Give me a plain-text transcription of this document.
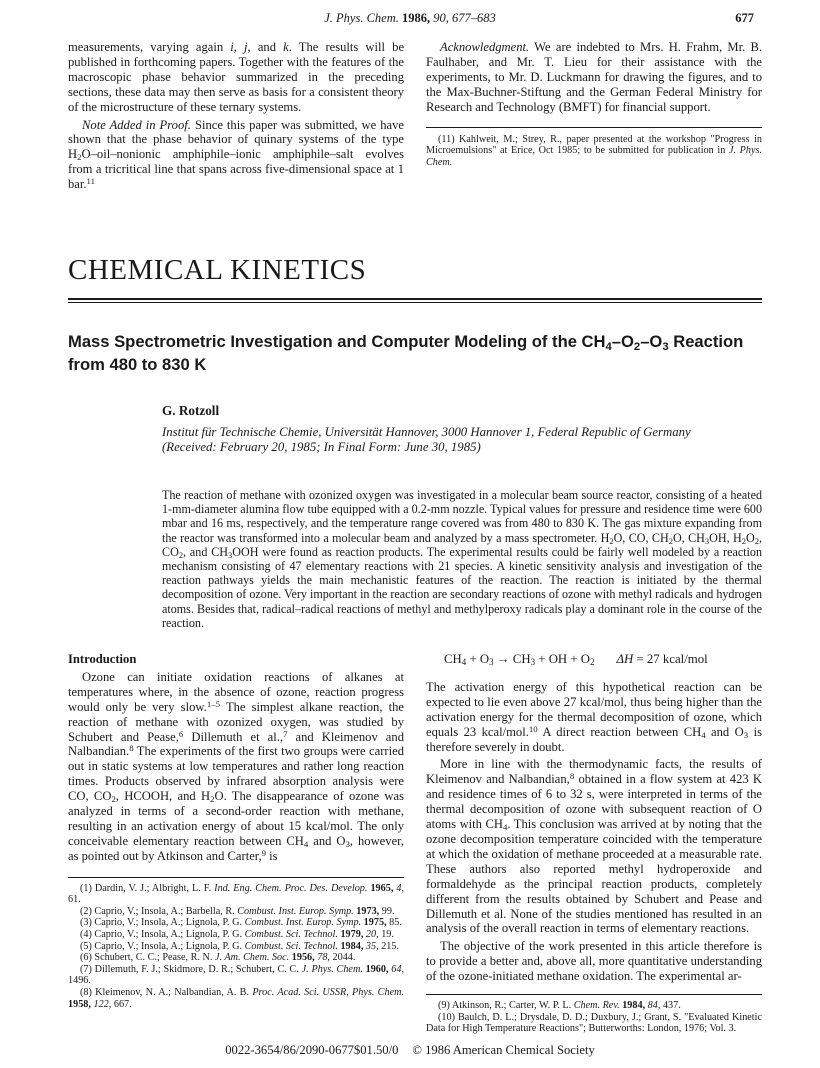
J. Phys. Chem. 1986, 90, 677–683	677

measurements, varying again i, j, and k. The results will be published in forthcoming papers. Together with the features of the macroscopic phase behavior summarized in the preceding sections, these data may then serve as basis for a consistent theory of the microstructure of these ternary systems.

Note Added in Proof. Since this paper was submitted, we have shown that the phase behavior of quinary systems of the type $H_2O-oil$–nonionic amphiphile–ionic amphiphile–salt evolves from a tricritical line that spans across five-dimensional space at 1 bar.$^{11}$

Acknowledgment. We are indebted to Mrs. H. Frahm, Mr. B. Faulhaber, and Mr. T. Lieu for their assistance with the experiments, to Mr. D. Luckmann for drawing the figures, and to the Max-Buchner-Stiftung and the German Federal Ministry for Research and Technology (BMFT) for financial support.

(11) Kahlweit, M.; Strey, R., paper presented at the workshop "Progress in Microemulsions" at Erice, Oct 1985; to be submitted for publication in J. Phys. Chem.

CHEMICAL KINETICS
Mass Spectrometric Investigation and Computer Modeling of the $CH_4-O_2-O_3$ Reaction from 480 to 830 K
G. Rotzoll
Institut für Technische Chemie, Universität Hannover, 3000 Hannover 1, Federal Republic of Germany
(Received: February 20, 1985; In Final Form: June 30, 1985)
The reaction of methane with ozonized oxygen was investigated in a molecular beam source reactor, consisting of a heated 1-mm-diameter alumina flow tube equipped with a 0.2-mm nozzle. Typical values for pressure and residence time were 600 mbar and 16 ms, respectively, and the temperature range covered was from 480 to 830 K. The gas mixture expanding from the reactor was transformed into a molecular beam and analyzed by a mass spectrometer. $H_2O$, CO, $CH_2O$, $CH_3OH$, $H_2O_2$, $CO_2$, and $CH_3OOH$ were found as reaction products. The experimental results could be fairly well modeled by a reaction mechanism consisting of 47 elementary reactions with 21 species. A kinetic sensitivity analysis and investigation of the reaction pathways yields the main mechanistic features of the reaction. The reaction is initiated by the thermal decomposition of ozone. Very important in the reaction are secondary reactions of ozone with methyl radicals and hydrogen atoms. Besides that, radical–radical reactions of methyl and methylperoxy radicals play a dominant role in the course of the reaction.

Introduction

Ozone can initiate oxidation reactions of alkanes at temperatures where, in the absence of ozone, reaction progress would only be very slow.$^{1-5}$ The simplest alkane reaction, the reaction of methane with ozonized oxygen, was studied by Schubert and Pease,$^6$ Dillemuth et al.,$^7$ and Kleimenov and Nalbandian.$^8$ The experiments of the first two groups were carried out in static systems at low temperatures and rather long reaction times. Products observed by infrared absorption analysis were CO, $CO_2$, HCOOH, and $H_2O$. The disappearance of ozone was analyzed in terms of a second-order reaction with methane, resulting in an activation energy of about 15 kcal/mol. The only conceivable elementary reaction between $CH_4$ and $O_3$, however, as pointed out by Atkinson and Carter,$^9$ is

(1) Dardin, V. J.; Albright, L. F. Ind. Eng. Chem. Proc. Des. Develop. 1965, 4, 61.

(2) Caprio, V.; Insola, A.; Barbella, R. Combust. Inst. Europ. Symp. 1973, 99.

(3) Caprio, V.; Insola, A.; Lignola, P. G. Combust. Inst. Europ. Symp. 1975, 85.

(4) Caprio, V.; Insola, A.; Lignola, P. G. Combust. Sci. Technol. 1979, 20, 19.

(5) Caprio, V.; Insola, A.; Lignola, P. G. Combust. Sci. Technol. 1984, 35, 215.

(6) Schubert, C. C.; Pease, R. N. J. Am. Chem. Soc. 1956, 78, 2044.

(7) Dillemuth, F. J.; Skidmore, D. R.; Schubert, C. C. J. Phys. Chem. 1960, 64, 1496.

(8) Kleimenov, N. A.; Nalbandian, A. B. Proc. Acad. Sci. USSR, Phys. Chem. 1958, 122, 667.

$CH_4 + O_3 \to CH_3$ + OH + $O_2$ ΔH = 27 kcal/mol

The activation energy of this hypothetical reaction can be expected to lie even above 27 kcal/mol, thus being higher than the activation energy for the thermal decomposition of ozone, which equals 23 kcal/mol.$^{10}$ A direct reaction between $CH_4$ and $O_3$ is therefore severely in doubt.

More in line with the thermodynamic facts, the results of Kleimenov and Nalbandian,$^8$ obtained in a flow system at 423 K and residence times of 6 to 32 s, were interpreted in terms of the thermal decomposition of ozone with subsequent reaction of O atoms with $CH_4$. This conclusion was arrived at by noting that the ozone decomposition temperature coincided with the temperature at which the oxidation of methane proceeded at a measurable rate. These authors also reported methyl hydroperoxide and formaldehyde as the principal reaction products, completely different from the results obtained by Schubert and Pease and Dillemuth et al. None of the studies mentioned has resulted in an analysis of the overall reaction in terms of elementary reactions.

The objective of the work presented in this article therefore is to provide a better and, above all, more quantitative understanding of the ozone-initiated methane oxidation. The experimental ar-

(9) Atkinson, R.; Carter, W. P. L. Chem. Rev. 1984, 84, 437.

(10) Baulch, D. L.; Drysdale, D. D.; Duxbury, J.; Grant, S. "Evaluated Kinetic Data for High Temperature Reactions"; Butterworths: London, 1976; Vol. 3.

0022-3654/86/2090-0677$01.50/0 © 1986 American Chemical Society
